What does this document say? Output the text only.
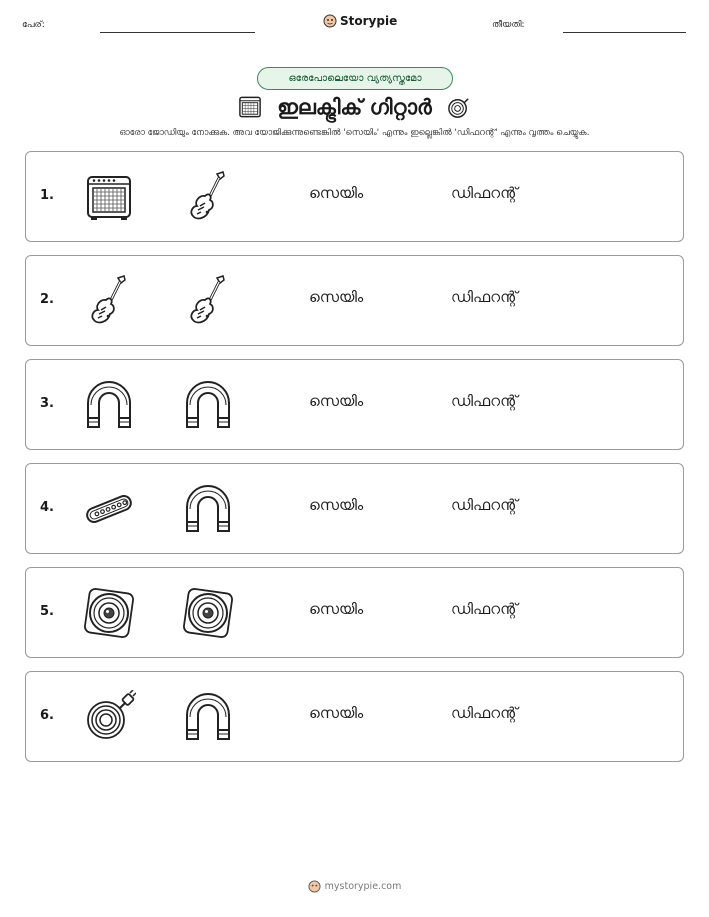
പേര്:	Storypie	തീയതി:
ഒരേപോലെയോ വ്യത്യസ്തമോ
ഇലക്ട്രിക് ഗിറ്റാർ
ഓരോ ജോഡിയും നോക്കുക. അവ യോജിക്കുന്നുണ്ടെങ്കിൽ 'സെയിം' എന്നും ഇല്ലെങ്കിൽ 'ഡിഫറന്റ്' എന്നും വൃത്തം ചെയ്യുക.
1.	സെയിം	ഡിഫറന്റ്
2.	സെയിം	ഡിഫറന്റ്
3.	സെയിം	ഡിഫറന്റ്
4.	സെയിം	ഡിഫറന്റ്
5.	സെയിം	ഡിഫറന്റ്
6.	സെയിം	ഡിഫറന്റ്
mystorypie.com
